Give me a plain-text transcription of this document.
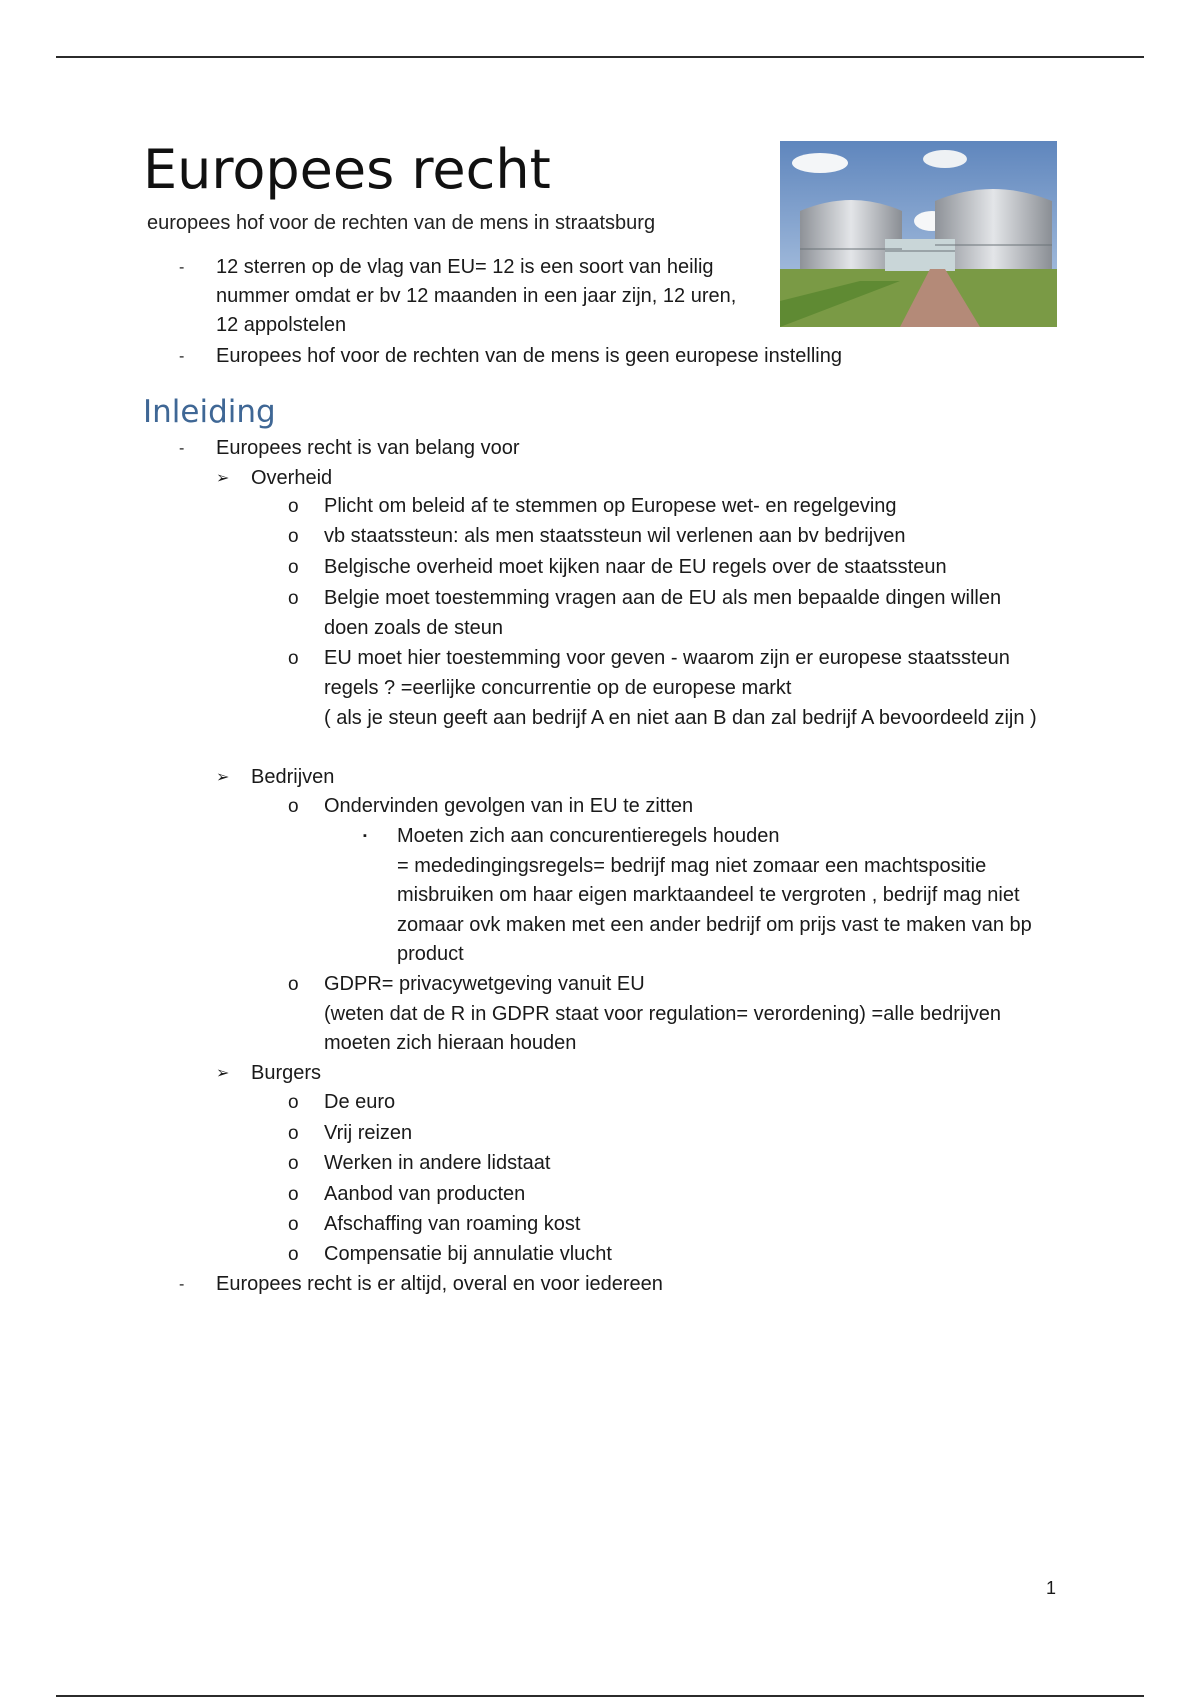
Europees recht
europees hof voor de rechten van de mens in straatsburg
- 12 sterren op de vlag van EU= 12 is een soort van heilig
nummer omdat er bv 12 maanden in een jaar zijn, 12 uren,
12 appolstelen
- Europees hof voor de rechten van de mens is geen europese instelling
Inleiding
- Europees recht is van belang voor
➢ Overheid
o Plicht om beleid af te stemmen op Europese wet- en regelgeving
o vb staatssteun: als men staatssteun wil verlenen aan bv bedrijven
o Belgische overheid moet kijken naar de EU regels over de staatssteun
o Belgie moet toestemming vragen aan de EU als men bepaalde dingen willen
doen zoals de steun
o EU moet hier toestemming voor geven - waarom zijn er europese staatssteun
regels ? =eerlijke concurrentie op de europese markt
( als je steun geeft aan bedrijf A en niet aan B dan zal bedrijf A bevoordeeld zijn )
➢ Bedrijven
o Ondervinden gevolgen van in EU te zitten
▪ Moeten zich aan concurentieregels houden
= mededingingsregels= bedrijf mag niet zomaar een machtspositie
misbruiken om haar eigen marktaandeel te vergroten , bedrijf mag niet
zomaar ovk maken met een ander bedrijf om prijs vast te maken van bp
product
o GDPR= privacywetgeving vanuit EU
(weten dat de R in GDPR staat voor regulation= verordening) =alle bedrijven
moeten zich hieraan houden
➢ Burgers
o De euro
o Vrij reizen
o Werken in andere lidstaat
o Aanbod van producten
o Afschaffing van roaming kost
o Compensatie bij annulatie vlucht
- Europees recht is er altijd, overal en voor iedereen
1
